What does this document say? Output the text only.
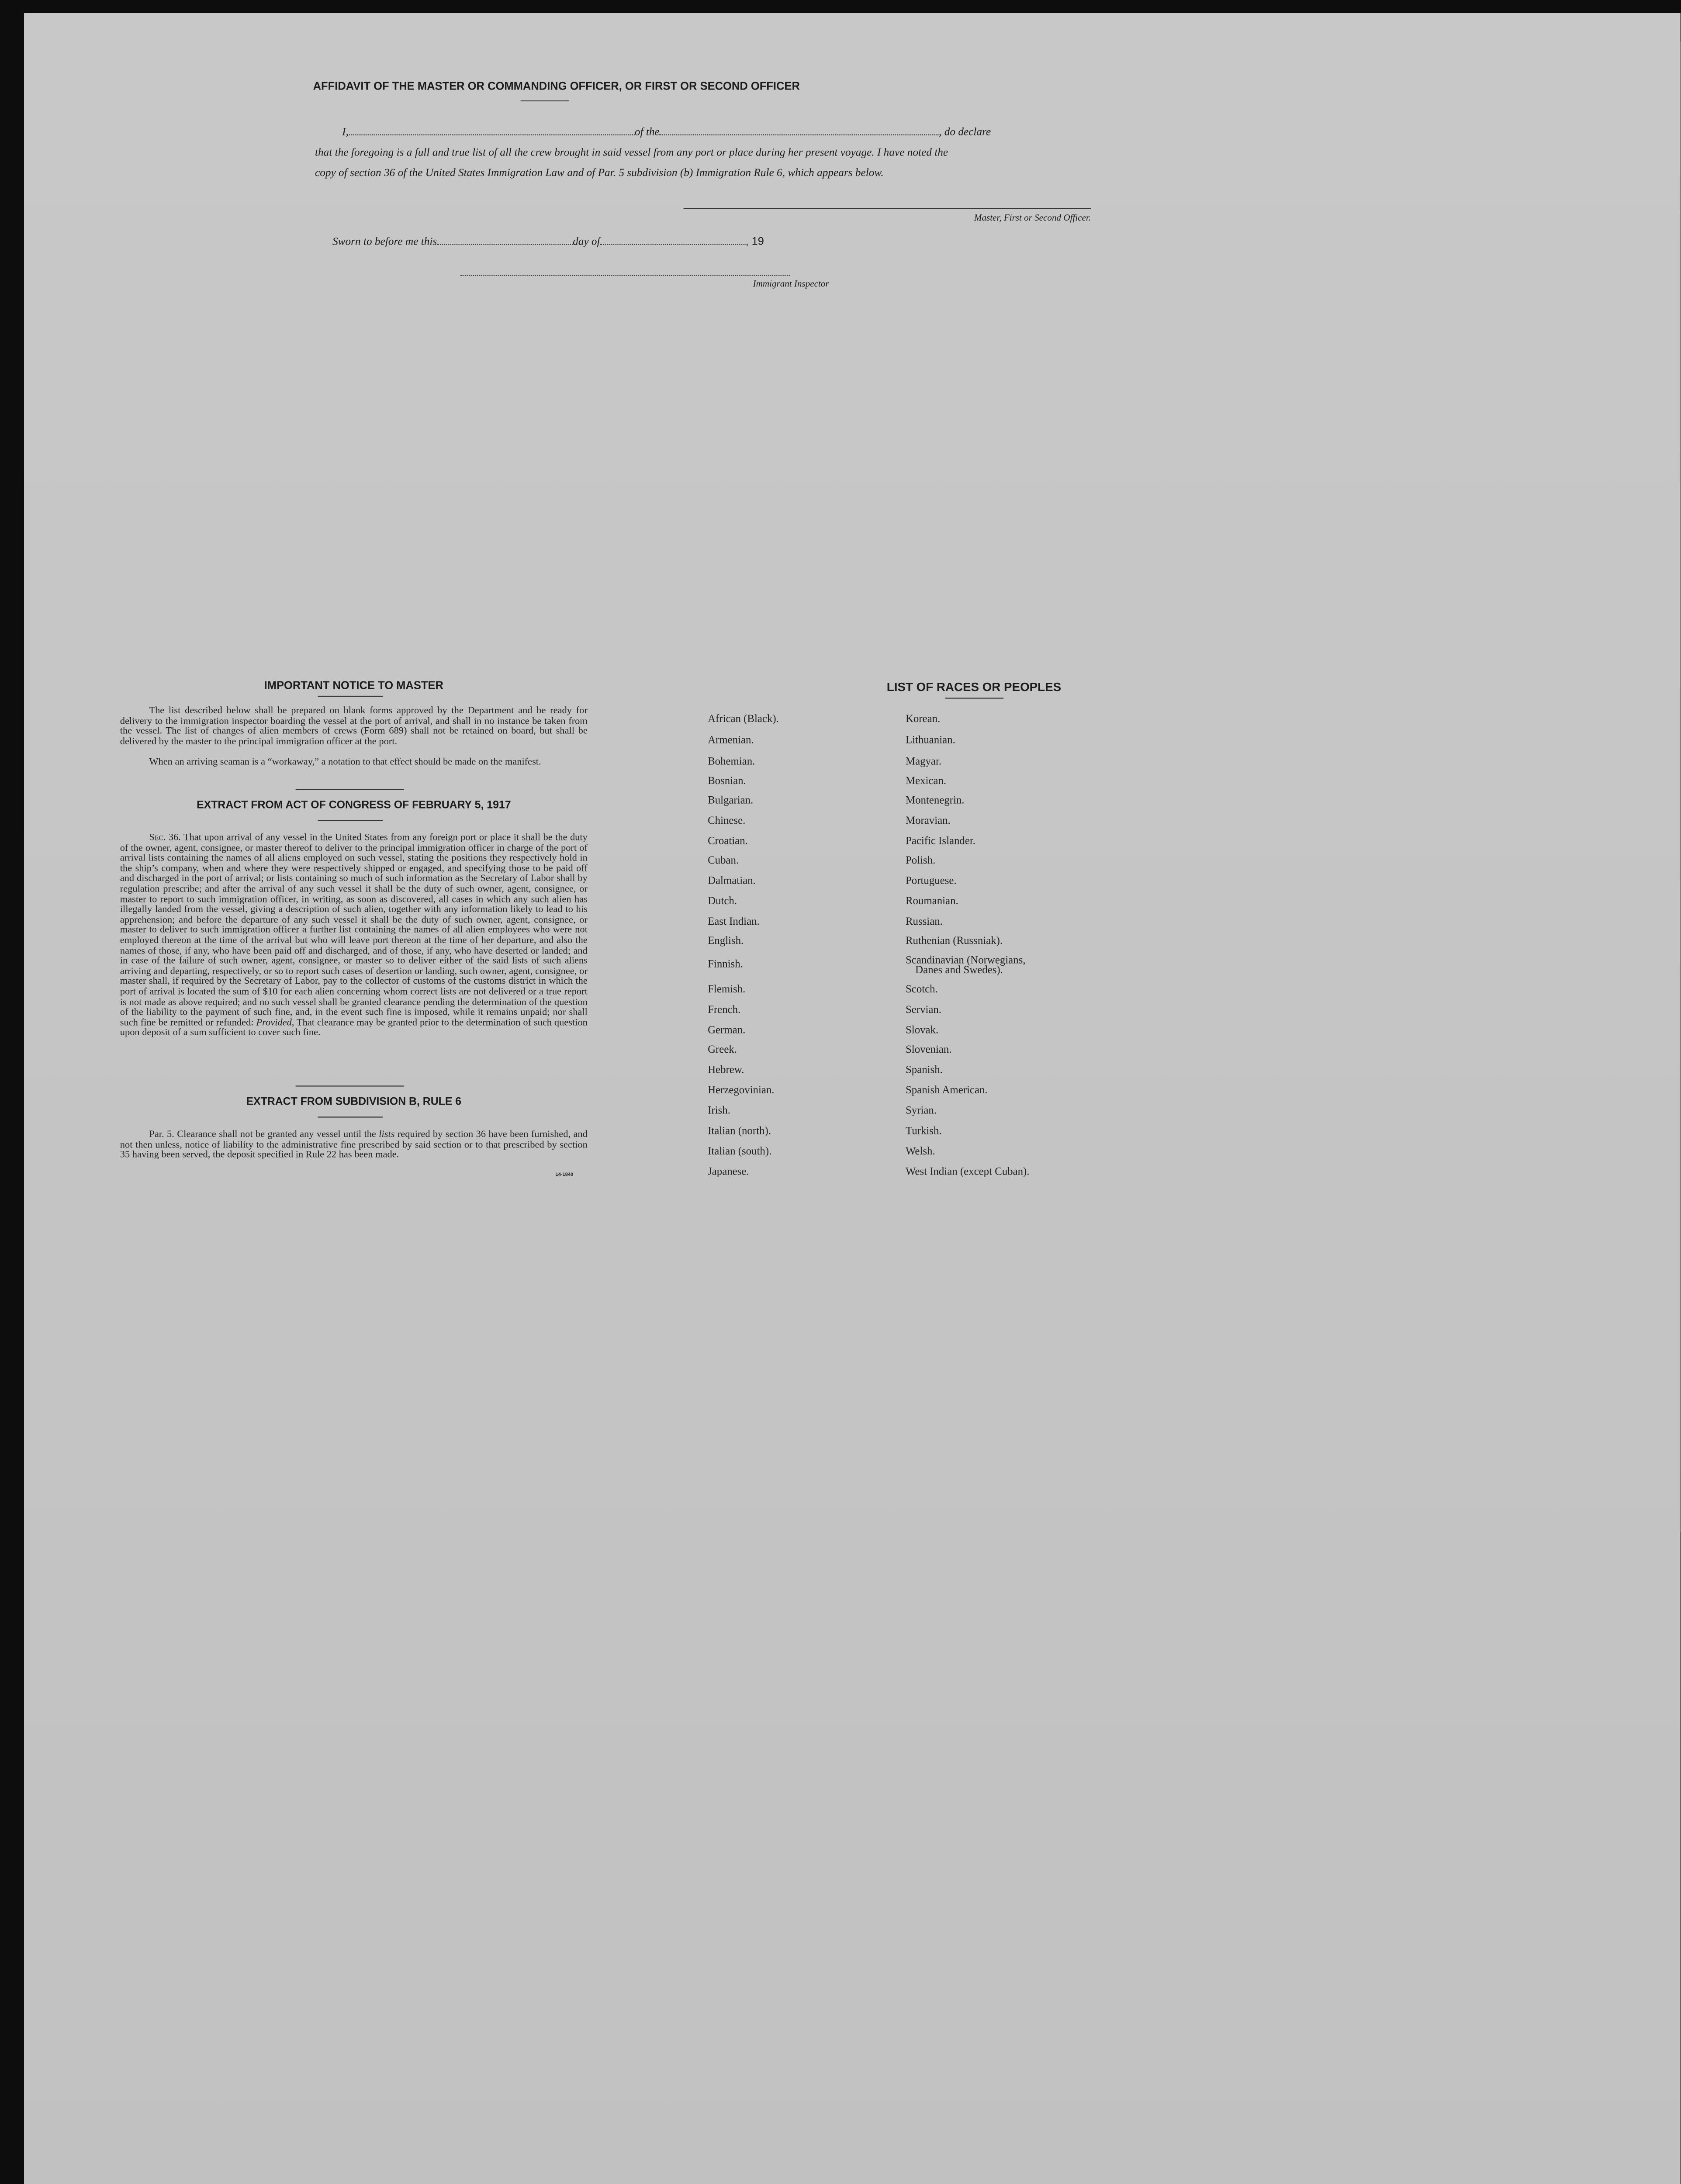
AFFIDAVIT OF THE MASTER OR COMMANDING OFFICER, OR FIRST OR SECOND OFFICER
I,	of the	, do declare
that the foregoing is a full and true list of all the crew brought in said vessel from any port or place during her present voyage. I have noted the
copy of section 36 of the United States Immigration Law and of Par. 5 subdivision (b) Immigration Rule 6, which appears below.
Master, First or Second Officer.
Sworn to before me this	day of	, 19
Immigrant Inspector
IMPORTANT NOTICE TO MASTER
The list described below shall be prepared on blank forms approved by the Department and be ready for delivery to the immigration inspector boarding the vessel at the port of arrival, and shall in no instance be taken from the vessel. The list of changes of alien members of crews (Form 689) shall not be retained on board, but shall be delivered by the master to the principal immigration officer at the port.
When an arriving seaman is a “workaway,” a notation to that effect should be made on the manifest.
EXTRACT FROM ACT OF CONGRESS OF FEBRUARY 5, 1917
Sec. 36. That upon arrival of any vessel in the United States from any foreign port or place it shall be the duty of the owner, agent, consignee, or master thereof to deliver to the principal immigration officer in charge of the port of arrival lists containing the names of all aliens employed on such vessel, stating the positions they respectively hold in the ship’s company, when and where they were respectively shipped or engaged, and specifying those to be paid off and discharged in the port of arrival; or lists containing so much of such information as the Secretary of Labor shall by regulation prescribe; and after the arrival of any such vessel it shall be the duty of such owner, agent, consignee, or master to report to such immigration officer, in writing, as soon as discovered, all cases in which any such alien has illegally landed from the vessel, giving a description of such alien, together with any information likely to lead to his apprehension; and before the departure of any such vessel it shall be the duty of such owner, agent, consignee, or master to deliver to such immigration officer a further list containing the names of all alien employees who were not employed thereon at the time of the arrival but who will leave port thereon at the time of her departure, and also the names of those, if any, who have been paid off and discharged, and of those, if any, who have deserted or landed; and in case of the failure of such owner, agent, consignee, or master so to deliver either of the said lists of such aliens arriving and departing, respectively, or so to report such cases of desertion or landing, such owner, agent, consignee, or master shall, if required by the Secretary of Labor, pay to the collector of customs of the customs district in which the port of arrival is located the sum of $10 for each alien concerning whom correct lists are not delivered or a true report is not made as above required; and no such vessel shall be granted clearance pending the determination of the question of the liability to the payment of such fine, and, in the event such fine is imposed, while it remains unpaid; nor shall such fine be remitted or refunded: Provided, That clearance may be granted prior to the determination of such question upon deposit of a sum sufficient to cover such fine.
EXTRACT FROM SUBDIVISION B, RULE 6
Par. 5. Clearance shall not be granted any vessel until the lists required by section 36 have been furnished, and not then unless, notice of liability to the administrative fine prescribed by said section or to that prescribed by section 35 having been served, the deposit specified in Rule 22 has been made.
14-1840
LIST OF RACES OR PEOPLES
African (Black).
Armenian.
Bohemian.
Bosnian.
Bulgarian.
Chinese.
Croatian.
Cuban.
Dalmatian.
Dutch.
East Indian.
English.
Finnish.
Flemish.
French.
German.
Greek.
Hebrew.
Herzegovinian.
Irish.
Italian (north).
Italian (south).
Japanese.
Korean.
Lithuanian.
Magyar.
Mexican.
Montenegrin.
Moravian.
Pacific Islander.
Polish.
Portuguese.
Roumanian.
Russian.
Ruthenian (Russniak).
Scandinavian (Norwegians,
Danes and Swedes).
Scotch.
Servian.
Slovak.
Slovenian.
Spanish.
Spanish American.
Syrian.
Turkish.
Welsh.
West Indian (except Cuban).
